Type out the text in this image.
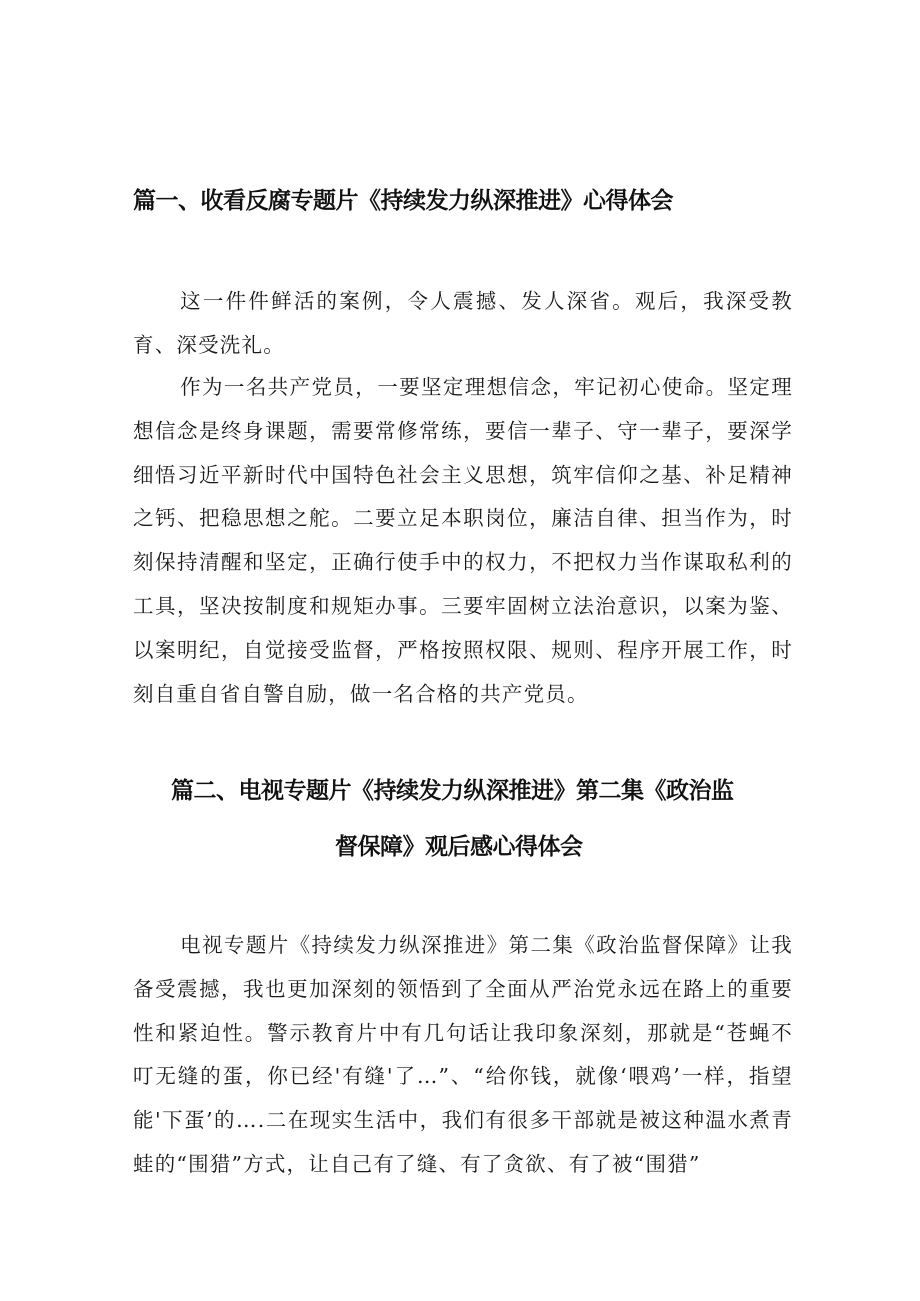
篇一、收看反腐专题片《持续发力纵深推进》心得体会

这一件件鲜活的案例，令人震撼、发人深省。观后，我深受教育、深受洗礼。

作为一名共产党员，一要坚定理想信念，牢记初心使命。坚定理想信念是终身课题，需要常修常练，要信一辈子、守一辈子，要深学细悟习近平新时代中国特色社会主义思想，筑牢信仰之基、补足精神之钙、把稳思想之舵。二要立足本职岗位，廉洁自律、担当作为，时刻保持清醒和坚定，正确行使手中的权力，不把权力当作谋取私利的工具，坚决按制度和规矩办事。三要牢固树立法治意识，以案为鉴、以案明纪，自觉接受监督，严格按照权限、规则、程序开展工作，时刻自重自省自警自励，做一名合格的共产党员。

篇二、电视专题片《持续发力纵深推进》第二集《政治监
督保障》观后感心得体会

电视专题片《持续发力纵深推进》第二集《政治监督保障》让我备受震撼，我也更加深刻的领悟到了全面从严治党永远在路上的重要性和紧迫性。警示教育片中有几句话让我印象深刻，那就是“苍蝇不叮无缝的蛋，你已经'有缝'了…”、“给你钱，就像‘喂鸡’一样，指望能'下蛋’的….二在现实生活中，我们有很多干部就是被这种温水煮青蛙的“围猎”方式，让自己有了缝、有了贪欲、有了被“围猎”
